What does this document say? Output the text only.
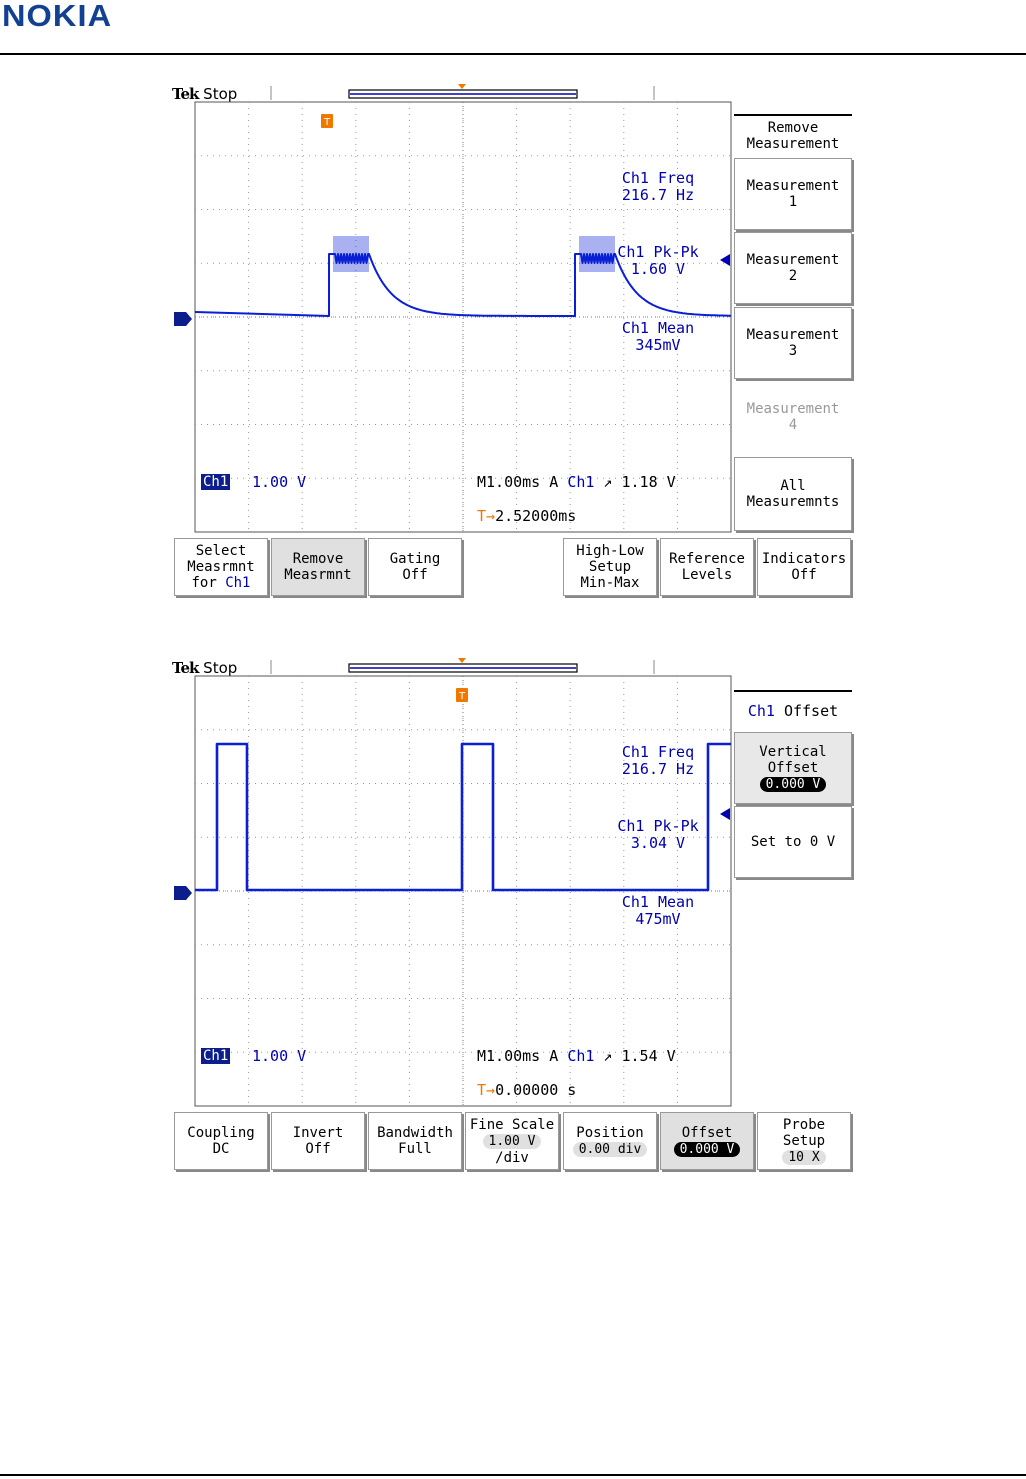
NOKIA
Tek Stop
T
Ch1 Freq
216.7 Hz
Ch1 Pk-Pk
1.60 V
Ch1 Mean
345mV
Ch1 1.00 V	M1.00ms A Ch1 ↗ 1.18 V
T→2.52000ms
Remove
Measurement
Measurement
1
Measurement
2
Measurement
3
Measurement
4
All
Measuremnts
Select
Measrmnt
for Ch1
Remove
Measrmnt
Gating
Off
High-Low
Setup
Min-Max
Reference
Levels
Indicators
Off
Tek Stop
T
Ch1 Freq
216.7 Hz
Ch1 Pk-Pk
3.04 V
Ch1 Mean
475mV
Ch1 1.00 V	M1.00ms A Ch1 ↗ 1.54 V
T→0.00000 s
Ch1 Offset
Vertical
Offset
0.000 V
Set to 0 V
Coupling
DC
Invert
Off
Bandwidth
Full
Fine Scale
1.00 V
/div
Position
0.00 div
Offset
0.000 V
Probe
Setup
10 X
